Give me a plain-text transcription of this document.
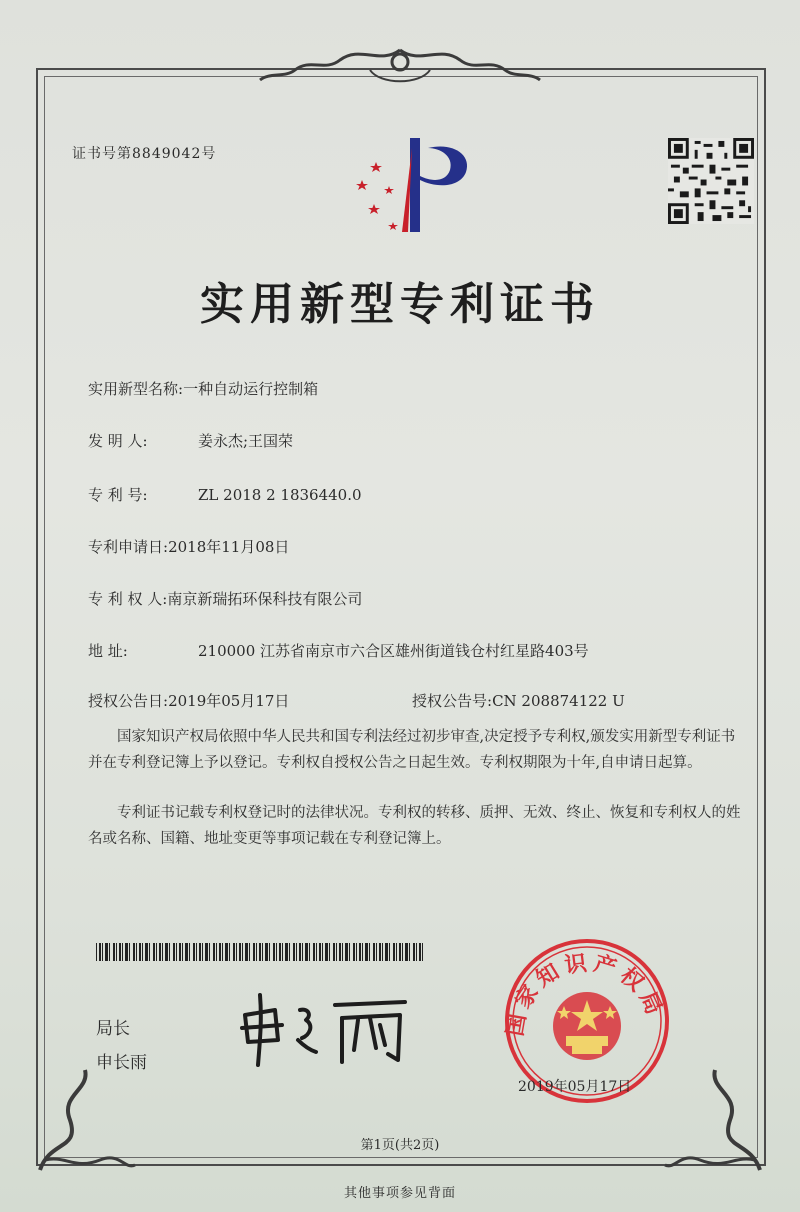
证书号第8849042号
实用新型专利证书
实用新型名称:一种自动运行控制箱
发 明 人:	姜永杰;王国荣
专 利 号:	ZL 2018 2 1836440.0
专利申请日:2018年11月08日
专 利 权 人:南京新瑞拓环保科技有限公司
地 址:	210000 江苏省南京市六合区雄州街道钱仓村红星路403号
授权公告日:2019年05月17日	授权公告号:CN 208874122 U
国家知识产权局依照中华人民共和国专利法经过初步审查,决定授予专利权,颁发实用新型专利证书并在专利登记簿上予以登记。专利权自授权公告之日起生效。专利权期限为十年,自申请日起算。
专利证书记载专利权登记时的法律状况。专利权的转移、质押、无效、终止、恢复和专利权人的姓名或名称、国籍、地址变更等事项记载在专利登记簿上。
局长
申长雨
国家知识产权局
2019年05月17日
第1页(共2页)
其他事项参见背面
